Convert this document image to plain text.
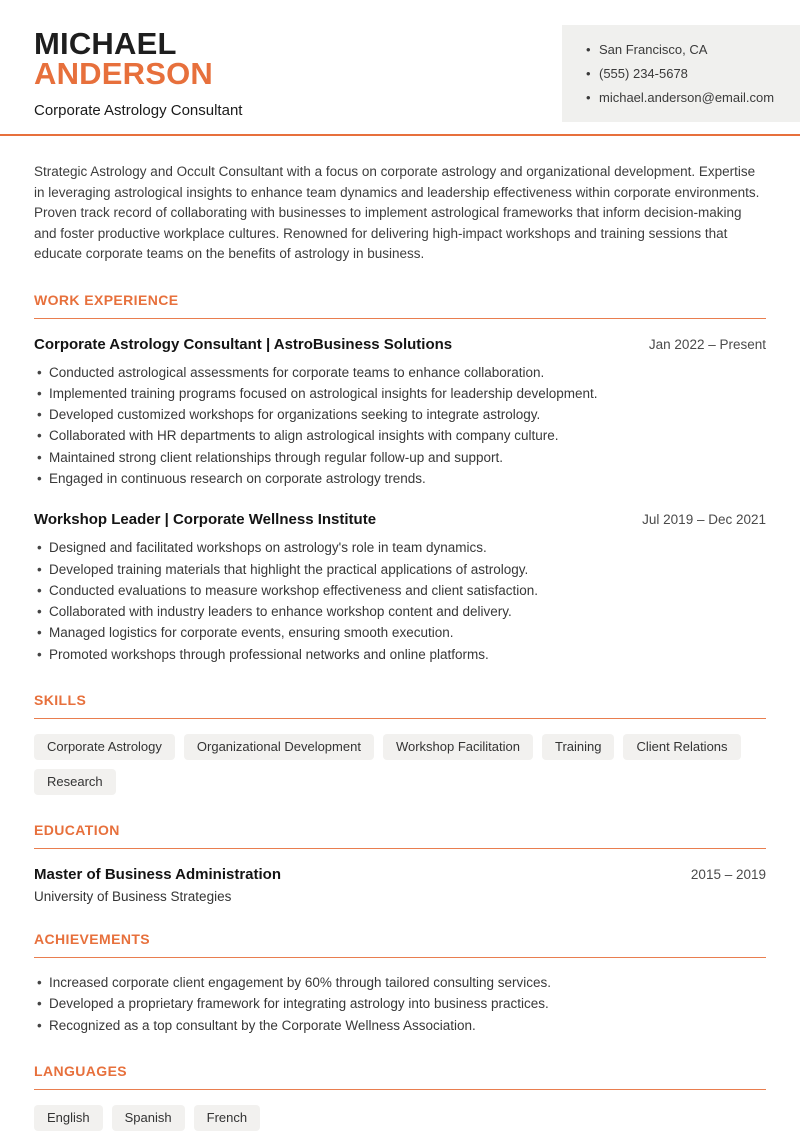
MICHAEL
ANDERSON
Corporate Astrology Consultant
• San Francisco, CA
• (555) 234-5678
• michael.anderson@email.com

Strategic Astrology and Occult Consultant with a focus on corporate astrology and organizational development. Expertise in leveraging astrological insights to enhance team dynamics and leadership effectiveness within corporate environments. Proven track record of collaborating with businesses to implement astrological frameworks that inform decision-making and foster productive workplace cultures. Renowned for delivering high-impact workshops and training sessions that educate corporate teams on the benefits of astrology in business.

WORK EXPERIENCE
Corporate Astrology Consultant | AstroBusiness Solutions	Jan 2022 – Present
• Conducted astrological assessments for corporate teams to enhance collaboration.
• Implemented training programs focused on astrological insights for leadership development.
• Developed customized workshops for organizations seeking to integrate astrology.
• Collaborated with HR departments to align astrological insights with company culture.
• Maintained strong client relationships through regular follow-up and support.
• Engaged in continuous research on corporate astrology trends.
Workshop Leader | Corporate Wellness Institute	Jul 2019 – Dec 2021
• Designed and facilitated workshops on astrology's role in team dynamics.
• Developed training materials that highlight the practical applications of astrology.
• Conducted evaluations to measure workshop effectiveness and client satisfaction.
• Collaborated with industry leaders to enhance workshop content and delivery.
• Managed logistics for corporate events, ensuring smooth execution.
• Promoted workshops through professional networks and online platforms.
SKILLS
Corporate Astrology	Organizational Development	Workshop Facilitation	Training	Client Relations
Research
EDUCATION
Master of Business Administration	2015 – 2019
University of Business Strategies
ACHIEVEMENTS
• Increased corporate client engagement by 60% through tailored consulting services.
• Developed a proprietary framework for integrating astrology into business practices.
• Recognized as a top consultant by the Corporate Wellness Association.
LANGUAGES
English	Spanish	French
